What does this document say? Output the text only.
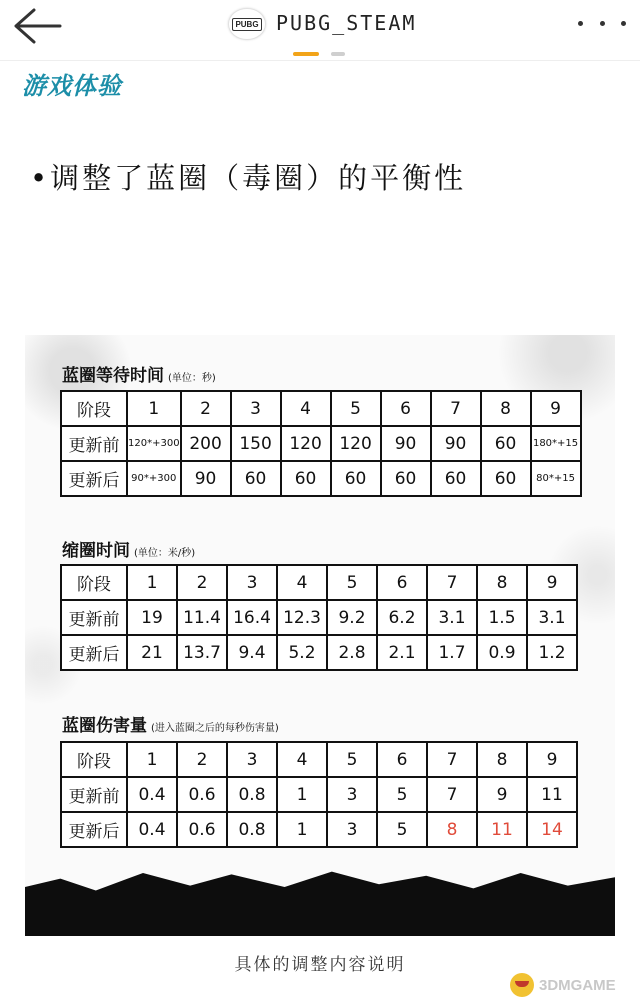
PUBG PUBG_STEAM
游戏体验
•调整了蓝圈（毒圈）的平衡性
蓝圈等待时间 (单位：秒)
阶段	1	2	3	4	5	6	7	8	9
更新前	120*+300	200	150	120	120	90	90	60	180*+15
更新后	90*+300	90	60	60	60	60	60	60	80*+15
缩圈时间 (单位：米/秒)
阶段	1	2	3	4	5	6	7	8	9
更新前	19	11.4	16.4	12.3	9.2	6.2	3.1	1.5	3.1
更新后	21	13.7	9.4	5.2	2.8	2.1	1.7	0.9	1.2
蓝圈伤害量 (进入蓝圈之后的每秒伤害量)
阶段	1	2	3	4	5	6	7	8	9
更新前	0.4	0.6	0.8	1	3	5	7	9	11
更新后	0.4	0.6	0.8	1	3	5	8	11	14
具体的调整内容说明
3DMGAME
